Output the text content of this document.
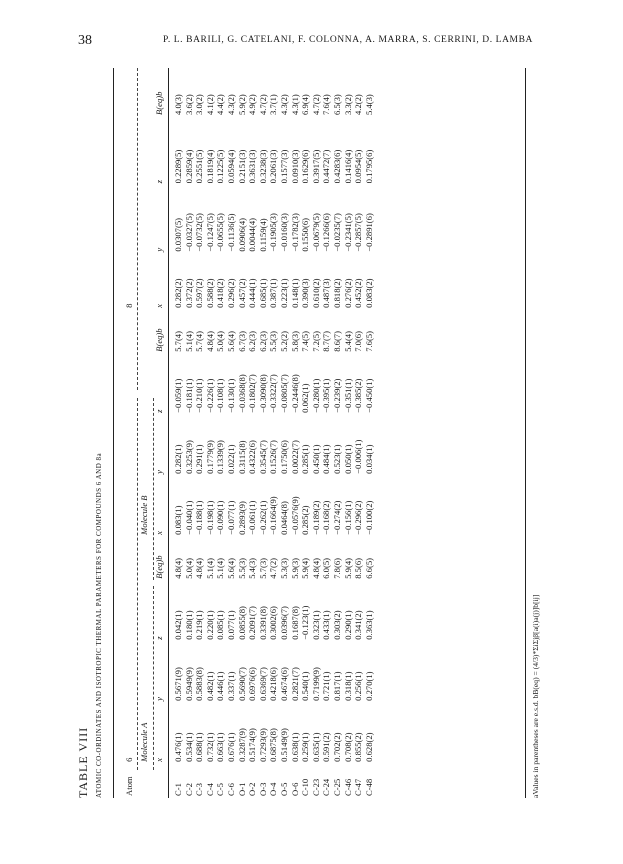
38	P. L. BARILI, G. CATELANI, F. COLONNA, A. MARRA, S. CERRINI, D. LAMBA
TABLE VIII ATOMIC CO-ORDINATES AND ISOTROPIC THERMAL PARAMETERS FOR COMPOUNDS 6 AND 8a Atom	6								8			
	Molecule A				Molecule B							
	x	y	z	B(eq)b	x	y	z	B(eq)b	x	y	z	B(eq)b
C-1	0.476(1)	0.5671(9)	0.042(1)	4.8(4)	0.083(1)	0.282(1)	−0.059(1)	5.7(4)	0.282(2)	0.0307(5)	0.2289(5)	4.0(3)
C-2	0.534(1)	0.5949(9)	0.180(1)	5.0(4)	−0.040(1)	0.3253(9)	−0.181(1)	5.1(4)	0.372(2)	−0.0327(5)	0.2859(4)	3.6(2)
C-3	0.688(1)	0.5883(8)	0.219(1)	4.8(4)	−0.188(1)	0.291(1)	−0.210(1)	5.7(4)	0.597(2)	−0.0732(5)	0.2551(5)	3.0(2)
C-4	0.732(1)	0.482(1)	0.220(1)	5.1(4)	−0.198(1)	0.1779(9)	−0.226(1)	4.8(4)	0.588(2)	−0.1247(5)	0.1819(4)	4.1(2)
C-5	0.663(1)	0.446(1)	0.085(1)	5.1(4)	−0.090(1)	0.1339(9)	−0.108(1)	5.0(4)	0.418(2)	−0.0655(5)	0.1225(5)	4.4(2)
C-6	0.676(1)	0.337(1)	0.077(1)	5.6(4)	−0.077(1)	0.022(1)	−0.130(1)	5.6(4)	0.296(2)	−0.1136(5)	0.0594(4)	4.3(2)
O-1	0.3287(9)	0.5690(7)	0.0855(8)	5.5(3)	0.2893(9)	0.3115(8)	−0.0368(8)	6.7(3)	0.457(2)	0.0906(4)	0.2151(3)	5.9(2)
O-2	0.5174(9)	0.6976(6)	0.2091(7)	5.4(3)	−0.061(1)	0.4322(6)	−0.1802(7)	6.2(3)	0.444(1)	0.0044(4)	0.3631(3)	4.9(2)
O-3	0.7293(9)	0.6369(7)	0.3391(8)	5.7(3)	−0.262(1)	0.3545(7)	−0.3090(8)	6.2(3)	0.685(1)	0.1159(4)	0.3238(3)	4.7(2)
O-4	0.6875(8)	0.4218(6)	0.3002(6)	4.7(2)	−0.1664(9)	0.1526(7)	−0.3322(7)	5.5(3)	0.387(1)	−0.1905(3)	0.2061(3)	3.7(1)
O-5	0.5149(9)	0.4674(6)	0.0396(7)	5.3(3)	0.0464(8)	0.1750(6)	−0.0805(7)	5.2(2)	0.223(1)	−0.0160(3)	0.1577(3)	4.3(2)
O-6	0.638(1)	0.2821(7)	0.1687(8)	5.9(3)	−0.0576(9)	0.0022(7)	−0.2446(8)	5.8(3)	0.148(1)	−0.1782(3)	0.0910(3)	4.3(1)
C-10	0.259(1)	0.540(1)	−0.123(1)	5.9(4)	0.285(2)	0.285(1)	0.062(1)	7.4(5)	0.390(3)	0.1550(6)	0.1629(6)	6.9(4)
C-23	0.635(1)	0.7199(9)	0.323(1)	4.8(4)	−0.189(2)	0.450(1)	−0.280(1)	7.2(5)	0.610(2)	−0.0679(5)	0.3917(5)	4.7(2)
C-24	0.591(2)	0.721(1)	0.433(1)	6.0(5)	−0.168(2)	0.484(1)	−0.395(1)	8.7(7)	0.487(3)	−0.1266(6)	0.4472(7)	7.6(4)
C-25	0.702(2)	0.817(1)	0.303(2)	7.8(6)	−0.274(2)	0.523(1)	−0.239(2)	8.6(7)	0.818(2)	−0.0235(7)	0.4283(6)	6.5(3)
C-46	0.708(2)	0.318(1)	0.290(1)	5.9(4)	−0.156(1)	0.050(1)	−0.351(1)	5.4(4)	0.276(2)	−0.2341(5)	0.1416(4)	3.3(2)
C-47	0.855(2)	0.256(1)	0.341(2)	8.5(6)	−0.296(2)	−0.006(1)	−0.385(2)	7.0(6)	0.452(2)	−0.2857(5)	0.0954(5)	4.2(2)
C-48	0.628(2)	0.270(1)	0.363(1)	6.6(5)	−0.100(2)	0.034(1)	−0.450(1)	7.6(5)	0.083(2)	−0.2891(6)	0.1795(6)	5.4(3)
aValues in parentheses are e.s.d. bB(eq) = (4/3)*ΣiΣjβ[a(i)a(j)]b[ij]
